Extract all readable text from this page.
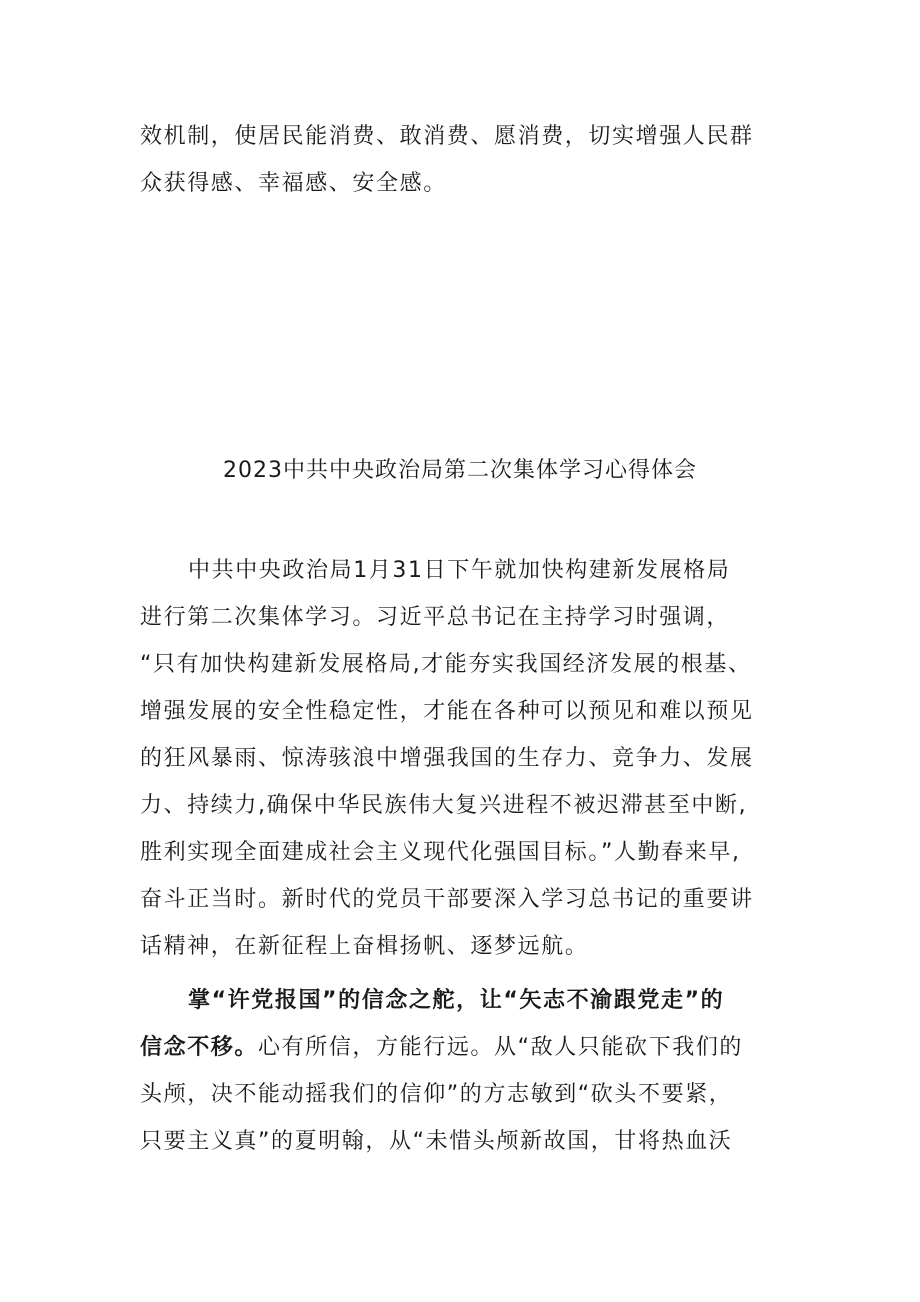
效机制，使居民能消费、敢消费、愿消费，切实增强人民群
众获得感、幸福感、安全感。
2023中共中央政治局第二次集体学习心得体会
中共中央政治局1月31日下午就加快构建新发展格局
进行第二次集体学习。习近平总书记在主持学习时强调，
“只有加快构建新发展格局,才能夯实我国经济发展的根基、
增强发展的安全性稳定性，才能在各种可以预见和难以预见
的狂风暴雨、惊涛骇浪中增强我国的生存力、竞争力、发展
力、持续力,确保中华民族伟大复兴进程不被迟滞甚至中断,
胜利实现全面建成社会主义现代化强国目标。”人勤春来早,
奋斗正当时。新时代的党员干部要深入学习总书记的重要讲
话精神，在新征程上奋楫扬帆、逐梦远航。
掌“许党报国”的信念之舵，让“矢志不渝跟党走”的
信念不移。心有所信，方能行远。从“敌人只能砍下我们的
头颅，决不能动摇我们的信仰”的方志敏到“砍头不要紧，
只要主义真”的夏明翰，从“未惜头颅新故国，甘将热血沃
